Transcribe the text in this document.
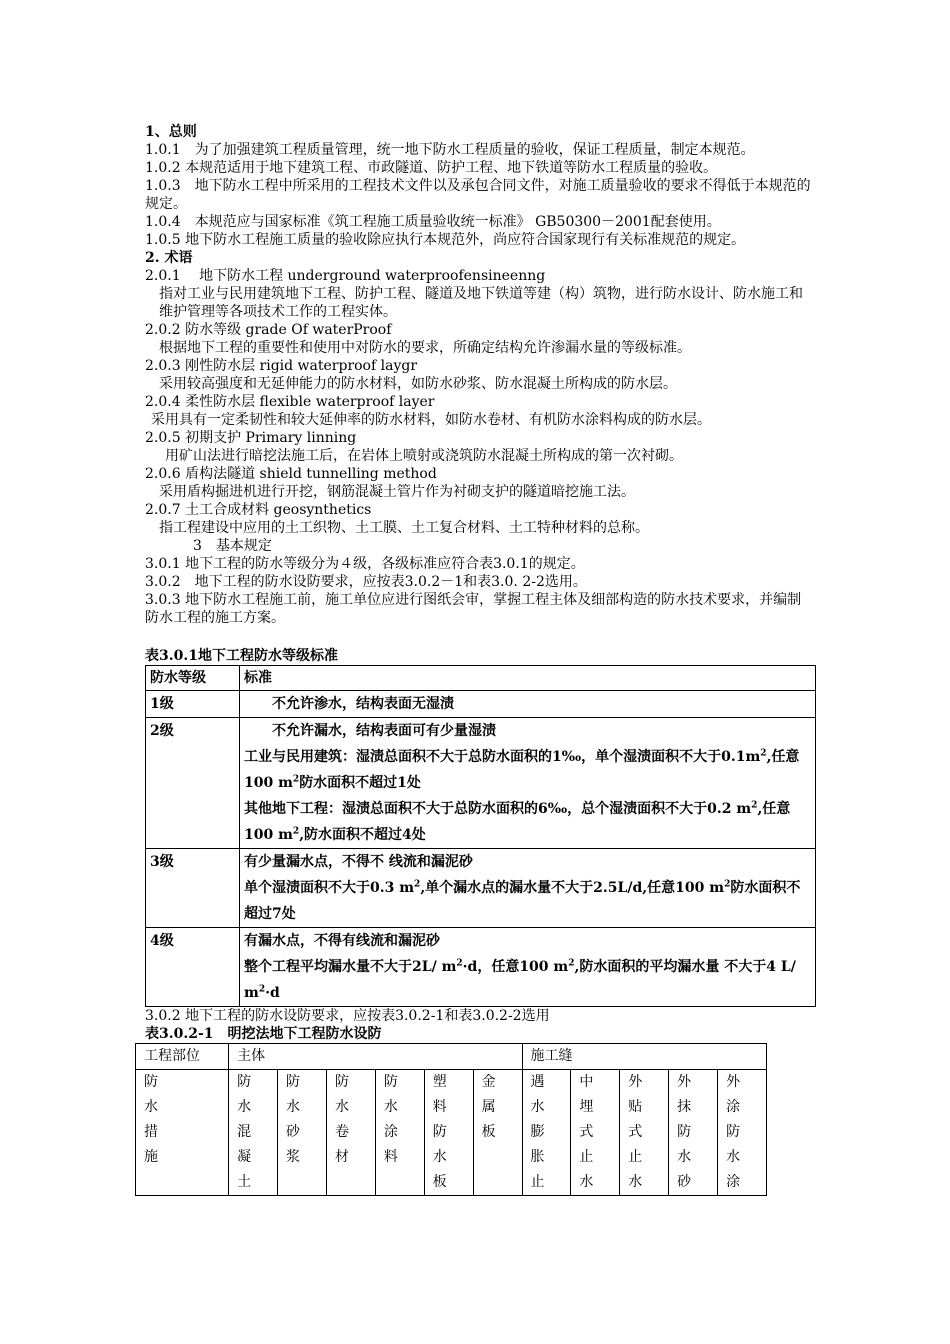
1、总则

1.0.1　为了加强建筑工程质量管理，统一地下防水工程质量的验收，保证工程质量，制定本规范。

1.0.2 本规范适用于地下建筑工程、市政隧道、防护工程、地下铁道等防水工程质量的验收。

1.0.3　地下防水工程中所采用的工程技术文件以及承包合同文件，对施工质量验收的要求不得低于本规范的规定。

1.0.4　本规范应与国家标准《筑工程施工质量验收统一标准》 GB50300－2001配套使用。

1.0.5 地下防水工程施工质量的验收除应执行本规范外，尚应符合国家现行有关标准规范的规定。

2. 术语

2.0.1　 地下防水工程 underground waterproofensineenng

指对工业与民用建筑地下工程、防护工程、隧道及地下铁道等建（构）筑物，进行防水设计、防水施工和维护管理等各项技术工作的工程实体。

2.0.2 防水等级 grade Of waterProof

根据地下工程的重要性和使用中对防水的要求，所确定结构允许渗漏水量的等级标准。

2.0.3 刚性防水层 rigid waterproof laygr

采用较高强度和无延伸能力的防水材料，如防水砂浆、防水混凝土所构成的防水层。

2.0.4 柔性防水层 flexible waterproof layer

采用具有一定柔韧性和较大延伸率的防水材料，如防水卷材、有机防水涂料构成的防水层。

2.0.5 初期支护 Primary linning

用矿山法进行暗挖法施工后，在岩体上喷射或浇筑防水混凝土所构成的第一次衬砌。

2.0.6 盾构法隧道 shield tunnelling method

采用盾构掘进机进行开挖，钢筋混凝土管片作为衬砌支护的隧道暗挖施工法。

2.0.7 土工合成材料 geosynthetics

指工程建设中应用的土工织物、土工膜、土工复合材料、土工特种材料的总称。

3　基本规定

3.0.1 地下工程的防水等级分为４级，各级标准应符合表3.0.1的规定。

3.0.2　地下工程的防水设防要求，应按表3.0.2－1和表3.0. 2-2选用。

3.0.3 地下防水工程施工前，施工单位应进行图纸会审，掌握工程主体及细部构造的防水技术要求，并编制防水工程的施工方案。

表3.0.1地下工程防水等级标准

防水等级	标准
1级	　　不允许渗水，结构表面无湿渍

2级	　　不允许漏水，结构表面可有少量湿渍
工业与民用建筑：湿渍总面积不大于总防水面积的1‰，单个湿渍面积不大于$0.1m^2$,任意100 $m^2$防水面积不超过1处
其他地下工程：湿渍总面积不大于总防水面积的6‰，总个湿渍面积不大于0.2 $m^2$,任意100 $m^2$,防水面积不超过4处

3级	有少量漏水点，不得不 线流和漏泥砂
单个湿渍面积不大于0.3 $m^2$,单个漏水点的漏水量不大于2.5L/d,任意100 $m^2$防水面积不超过7处

4级	有漏水点，不得有线流和漏泥砂
整个工程平均漏水量不大于2L/ $m^2\cdot d$，任意100 $m^2$,防水面积的平均漏水量 不大于4 L/ $m^2\cdot d$

3.0.2 地下工程的防水设防要求，应按表3.0.2-1和表3.0.2-2选用

表3.0.2-1　明挖法地下工程防水设防

工程部位	主体						施工缝				

防
水
措
施	防
水
混
凝
土	防
水
砂
浆	防
水
卷
材	防
水
涂
料	塑
料
防
水
板	金
属
板	遇
水
膨
胀
止	中
埋
式
止
水	外
贴
式
止
水	外
抹
防
水
砂	外
涂
防
水
涂
